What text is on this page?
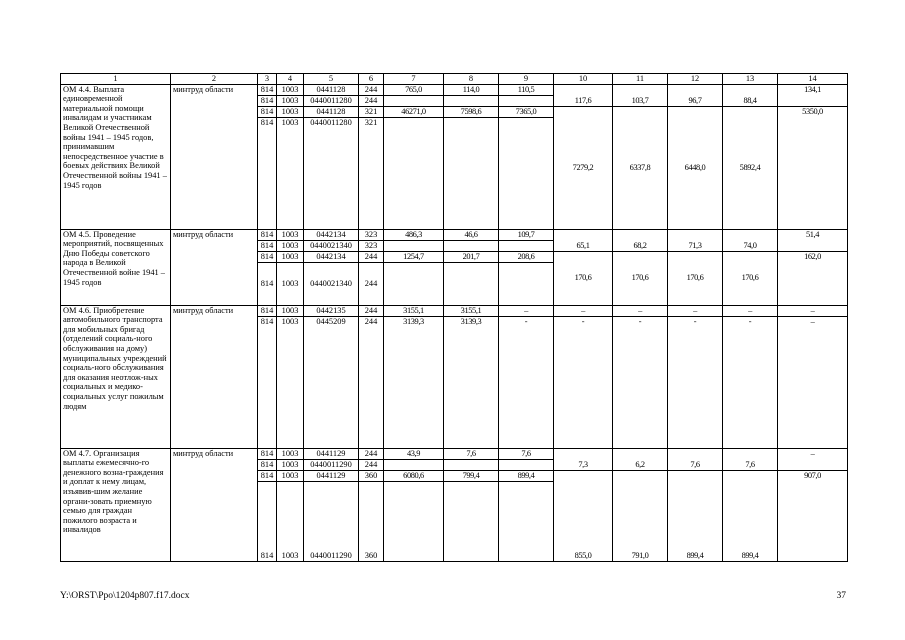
1	2	3	4	5	6	7	8	9	10	11	12	13	14
ОМ 4.4. Выплата единовременной материальной помощи инвалидам и участникам Великой Отечественной войны 1941 – 1945 годов, принимавшим непосредственное участие в боевых действиях Великой Отечественной войны 1941 – 1945 годов	минтруд области	814	1003	0441128	244	765,0	114,0	110,5	117,6	103,7	96,7	88,4	134,1
		814	1003	0440011280	244								
		814	1003	0441128	321	46271,0	7598,6	7365,0	7279,2	6337,8	6448,0	5892,4	5350,0
		814	1003	0440011280	321								
ОМ 4.5. Проведение мероприятий, посвященных Дню Победы советского народа в Великой Отечественной войне 1941 – 1945 годов	минтруд области	814	1003	0442134	323	486,3	46,6	109,7	65,1	68,2	71,3	74,0	51,4
		814	1003	0440021340	323								
		814	1003	0442134	244	1254,7	201,7	208,6	170,6	170,6	170,6	170,6	162,0
		814	1003	0440021340	244								
ОМ 4.6. Приобретение автомобильного транспорта для мобильных бригад (отделений социаль-ного обслуживания на дому) муниципальных учреждений социаль-ного обслуживания для оказания неотлож-ных социальных и медико-социальных услуг пожилым людям	минтруд области	814	1003	0442135	244	3155,1	3155,1	–	–	–	–	–	–
		814	1003	0445209	244	3139,3	3139,3	-	-	-	-	-	–
ОМ 4.7. Организация выплаты ежемесячно-го денежного возна-граждения и доплат к нему лицам, изъявив-шим желание органи-зовать приемную семью для граждан пожилого возраста и инвалидов	минтруд области	814	1003	0441129	244	43,9	7,6	7,6	7,3	6,2	7,6	7,6	–
		814	1003	0440011290	244								
		814	1003	0441129	360	6080,6	799,4	899,4	855,0	791,0	899,4	899,4	907,0
		814	1003	0440011290	360								
Y:\ORST\Ppo\1204p807.f17.docx	37
